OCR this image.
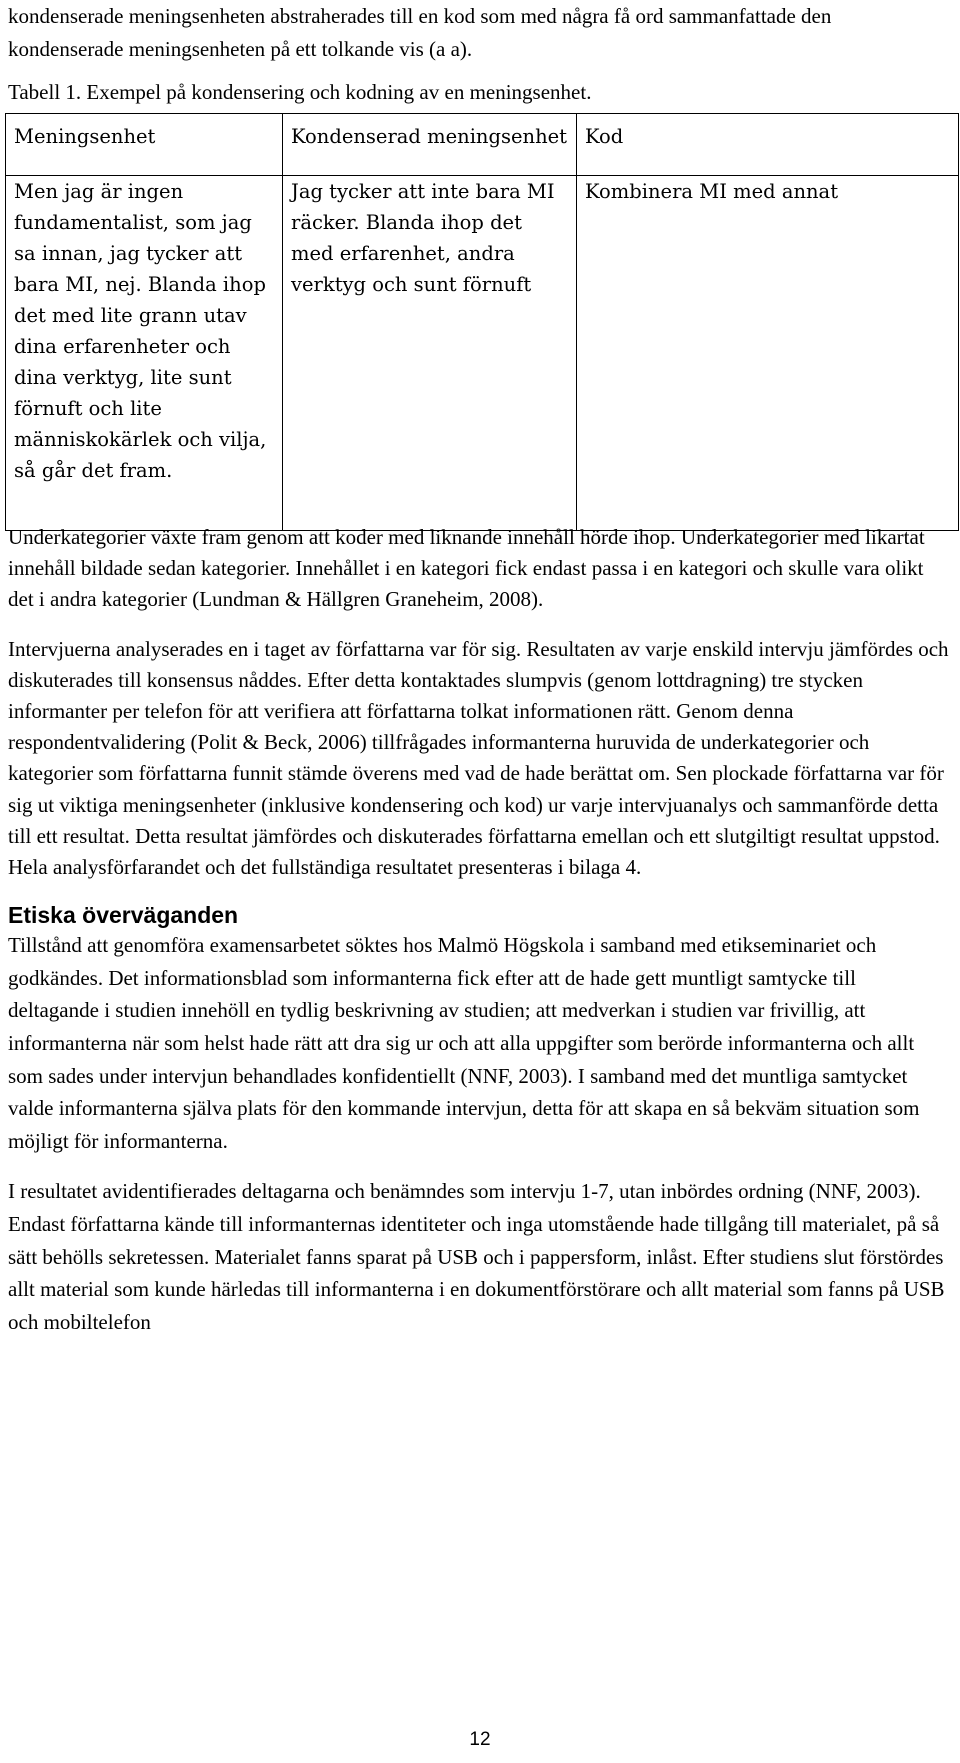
kondenserade meningsenheten abstraherades till en kod som med några få ord sammanfattade den kondenserade meningsenheten på ett tolkande vis (a a).

Tabell 1. Exempel på kondensering och kodning av en meningsenhet.

Meningsenhet	Kondenserad meningsenhet	Kod
Men jag är ingen fundamentalist, som jag sa innan, jag tycker att bara MI, nej. Blanda ihop det med lite grann utav dina erfarenheter och dina verktyg, lite sunt förnuft och lite människokärlek och vilja, så går det fram.	Jag tycker att inte bara MI räcker. Blanda ihop det med erfarenhet, andra verktyg och sunt förnuft	Kombinera MI med annat

Underkategorier växte fram genom att koder med liknande innehåll hörde ihop. Underkategorier med likartat innehåll bildade sedan kategorier. Innehållet i en kategori fick endast passa i en kategori och skulle vara olikt det i andra kategorier (Lundman & Hällgren Graneheim, 2008).

Intervjuerna analyserades en i taget av författarna var för sig. Resultaten av varje enskild intervju jämfördes och diskuterades till konsensus nåddes. Efter detta kontaktades slumpvis (genom lottdragning) tre stycken informanter per telefon för att verifiera att författarna tolkat informationen rätt. Genom denna respondentvalidering (Polit & Beck, 2006) tillfrågades informanterna huruvida de underkategorier och kategorier som författarna funnit stämde överens med vad de hade berättat om. Sen plockade författarna var för sig ut viktiga meningsenheter (inklusive kondensering och kod) ur varje intervjuanalys och sammanförde detta till ett resultat. Detta resultat jämfördes och diskuterades författarna emellan och ett slutgiltigt resultat uppstod. Hela analysförfarandet och det fullständiga resultatet presenteras i bilaga 4.

Etiska överväganden

Tillstånd att genomföra examensarbetet söktes hos Malmö Högskola i samband med etikseminariet och godkändes. Det informationsblad som informanterna fick efter att de hade gett muntligt samtycke till deltagande i studien innehöll en tydlig beskrivning av studien; att medverkan i studien var frivillig, att informanterna när som helst hade rätt att dra sig ur och att alla uppgifter som berörde informanterna och allt som sades under intervjun behandlades konfidentiellt (NNF, 2003). I samband med det muntliga samtycket valde informanterna själva plats för den kommande intervjun, detta för att skapa en så bekväm situation som möjligt för informanterna.

I resultatet avidentifierades deltagarna och benämndes som intervju 1-7, utan inbördes ordning (NNF, 2003). Endast författarna kände till informanternas identiteter och inga utomstående hade tillgång till materialet, på så sätt behölls sekretessen. Materialet fanns sparat på USB och i pappersform, inlåst. Efter studiens slut förstördes allt material som kunde härledas till informanterna i en dokumentförstörare och allt material som fanns på USB och mobiltelefon

12
